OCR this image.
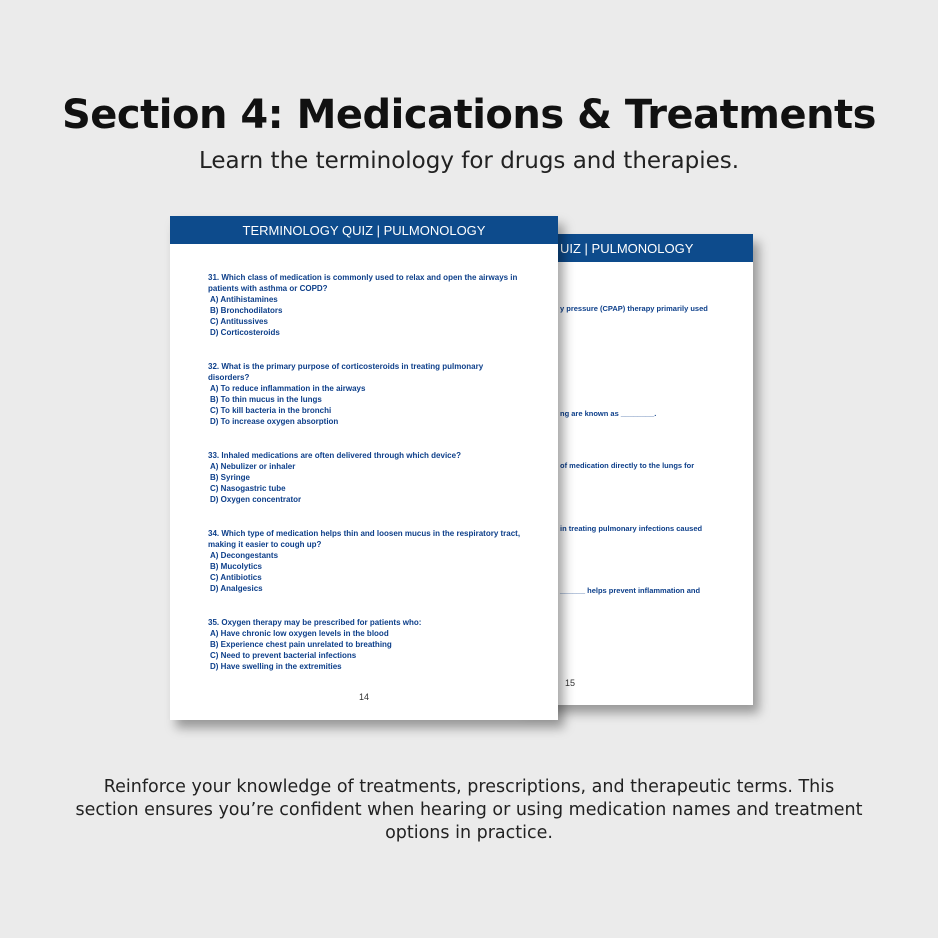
Section 4: Medications & Treatments
Learn the terminology for drugs and therapies.
UIZ | PULMONOLOGY
y pressure (CPAP) therapy primarily used
ng are known as ________.
of medication directly to the lungs for
in treating pulmonary infections caused
______ helps prevent inflammation and
15
TERMINOLOGY QUIZ | PULMONOLOGY

31. Which class of medication is commonly used to relax and open the airways in patients with asthma or COPD?

A) Antihistamines

B) Bronchodilators

C) Antitussives

D) Corticosteroids

32. What is the primary purpose of corticosteroids in treating pulmonary disorders?

A) To reduce inflammation in the airways

B) To thin mucus in the lungs

C) To kill bacteria in the bronchi

D) To increase oxygen absorption

33. Inhaled medications are often delivered through which device?

A) Nebulizer or inhaler

B) Syringe

C) Nasogastric tube

D) Oxygen concentrator

34. Which type of medication helps thin and loosen mucus in the respiratory tract, making it easier to cough up?

A) Decongestants

B) Mucolytics

C) Antibiotics

D) Analgesics

35. Oxygen therapy may be prescribed for patients who:

A) Have chronic low oxygen levels in the blood

B) Experience chest pain unrelated to breathing

C) Need to prevent bacterial infections

D) Have swelling in the extremities

14
Reinforce your knowledge of treatments, prescriptions, and therapeutic terms. This section ensures you’re confident when hearing or using medication names and treatment options in practice.
